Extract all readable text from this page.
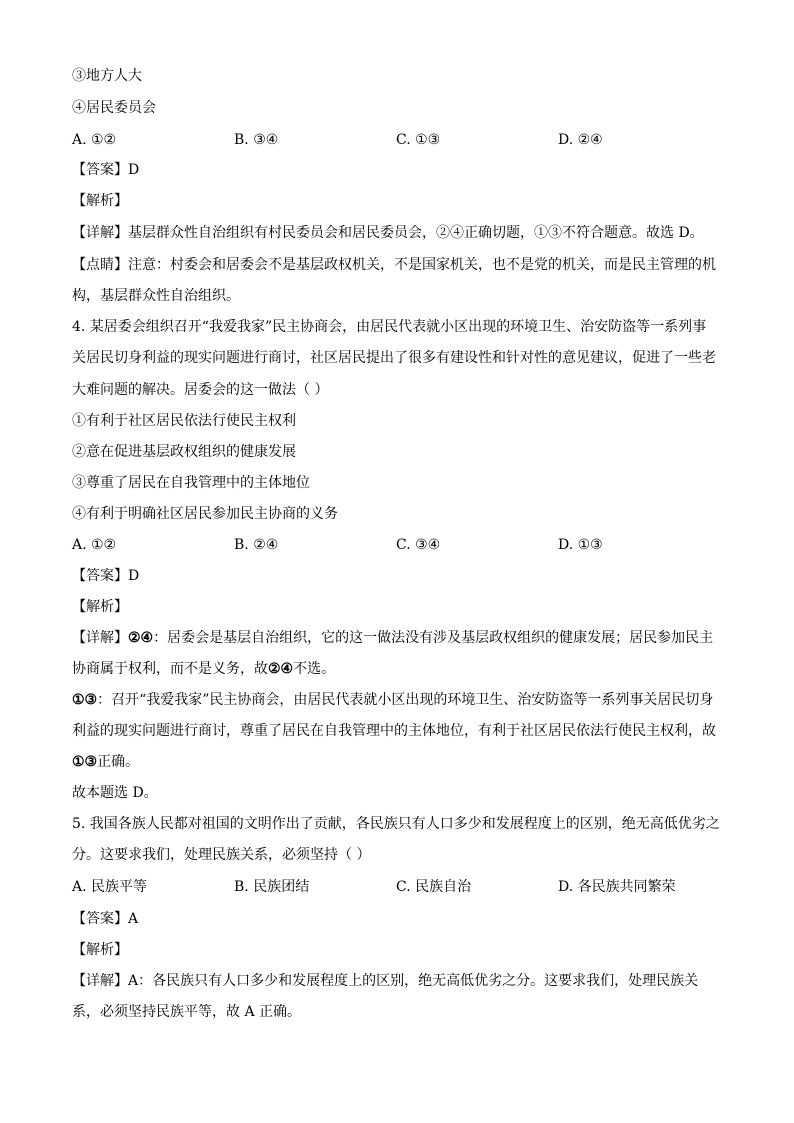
③地方人大
④居民委员会
A. ①②	B. ③④	C. ①③	D. ②④
【答案】D
【解析】
【详解】基层群众性自治组织有村民委员会和居民委员会，②④正确切题，①③不符合题意。故选 D。
【点睛】注意：村委会和居委会不是基层政权机关，不是国家机关，也不是党的机关，而是民主管理的机
构，基层群众性自治组织。
4. 某居委会组织召开“我爱我家”民主协商会，由居民代表就小区出现的环境卫生、治安防盗等一系列事
关居民切身利益的现实问题进行商讨，社区居民提出了很多有建设性和针对性的意见建议，促进了一些老
大难问题的解决。居委会的这一做法（ ）
①有利于社区居民依法行使民主权利
②意在促进基层政权组织的健康发展
③尊重了居民在自我管理中的主体地位
④有利于明确社区居民参加民主协商的义务
A. ①②	B. ②④	C. ③④	D. ①③
【答案】D
【解析】
【详解】②④：居委会是基层自治组织，它的这一做法没有涉及基层政权组织的健康发展；居民参加民主
协商属于权利，而不是义务，故②④不选。
①③：召开“我爱我家”民主协商会，由居民代表就小区出现的环境卫生、治安防盗等一系列事关居民切身
利益的现实问题进行商讨，尊重了居民在自我管理中的主体地位，有利于社区居民依法行使民主权利，故
①③正确。
故本题选 D。
5. 我国各族人民都对祖国的文明作出了贡献，各民族只有人口多少和发展程度上的区别，绝无高低优劣之
分。这要求我们，处理民族关系，必须坚持（ ）
A. 民族平等	B. 民族团结	C. 民族自治	D. 各民族共同繁荣
【答案】A
【解析】
【详解】A：各民族只有人口多少和发展程度上的区别，绝无高低优劣之分。这要求我们，处理民族关
系，必须坚持民族平等，故 A 正确。
